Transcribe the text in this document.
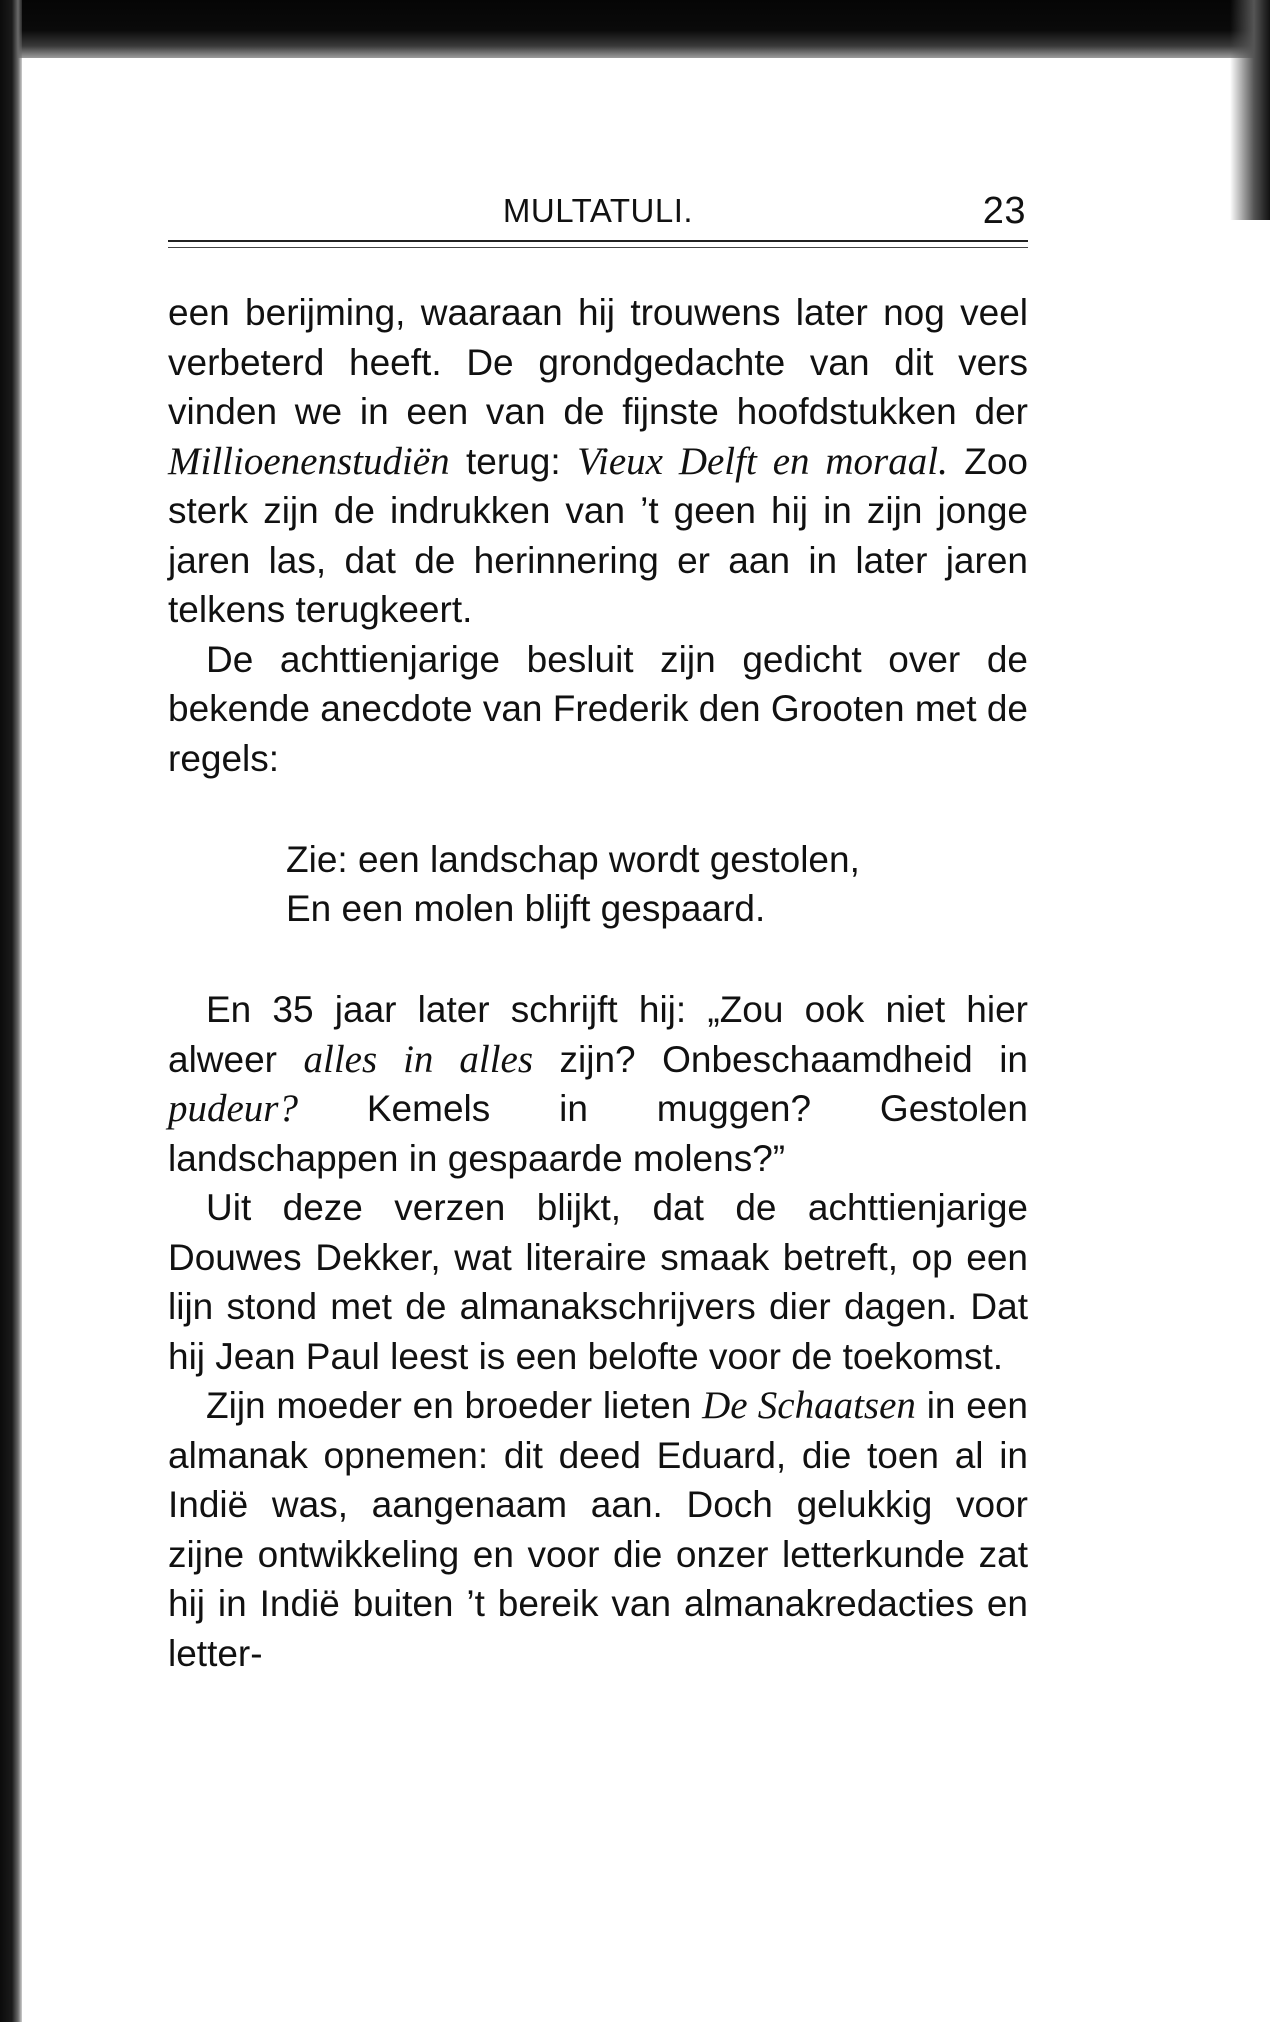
MULTATULI.	23

een berijming, waaraan hij trouwens later nog veel verbeterd heeft. De grondgedachte van dit vers vinden we in een van de fijnste hoofdstukken der Millioenenstudiën terug: Vieux Delft en moraal. Zoo sterk zijn de indrukken van ’t geen hij in zijn jonge jaren las, dat de herinnering er aan in later jaren telkens terugkeert.

De achttienjarige besluit zijn gedicht over de bekende anecdote van Frederik den Grooten met de regels:

Zie: een landschap wordt gestolen,
En een molen blijft gespaard.

En 35 jaar later schrijft hij: „Zou ook niet hier alweer alles in alles zijn? Onbeschaamdheid in pudeur? Kemels in muggen? Gestolen landschappen in gespaarde molens?”

Uit deze verzen blijkt, dat de achttienjarige Douwes Dekker, wat literaire smaak betreft, op een lijn stond met de almanakschrijvers dier dagen. Dat hij Jean Paul leest is een belofte voor de toekomst.

Zijn moeder en broeder lieten De Schaatsen in een almanak opnemen: dit deed Eduard, die toen al in Indië was, aangenaam aan. Doch gelukkig voor zijne ontwikkeling en voor die onzer letterkunde zat hij in Indië buiten ’t bereik van almanakredacties en letter-
